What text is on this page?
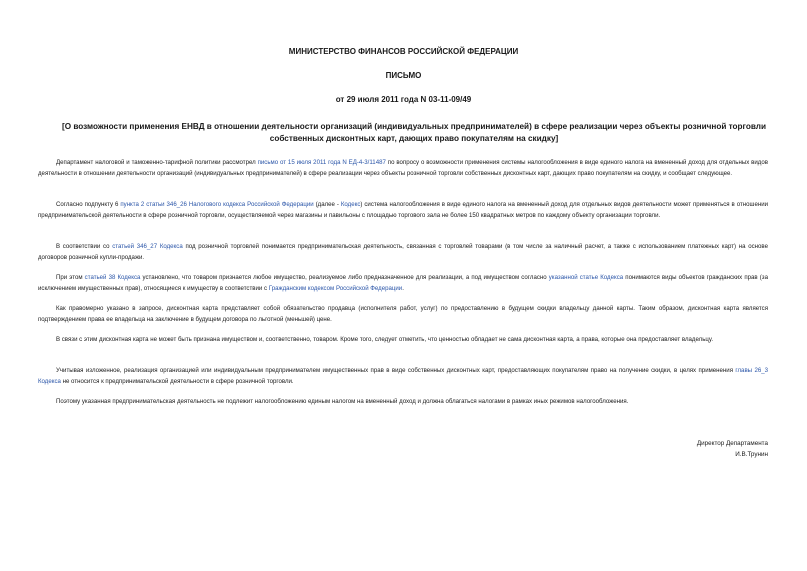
МИНИСТЕРСТВО ФИНАНСОВ РОССИЙСКОЙ ФЕДЕРАЦИИ
ПИСЬМО
от 29 июля 2011 года N 03-11-09/49
[О возможности применения ЕНВД в отношении деятельности организаций (индивидуальных предпринимателей) в сфере реализации через объекты розничной торговли собственных дисконтных карт, дающих право покупателям на скидку]

Департамент налоговой и таможенно-тарифной политики рассмотрел письмо от 15 июля 2011 года N ЕД-4-3/11487 по вопросу о возможности применения системы налогообложения в виде единого налога на вмененный доход для отдельных видов деятельности в отношении деятельности организаций (индивидуальных предпринимателей) в сфере реализации через объекты розничной торговли собственных дисконтных карт, дающих право покупателям на скидку, и сообщает следующее.

Согласно подпункту 6 пункта 2 статьи 346_26 Налогового кодекса Российской Федерации (далее - Кодекс) система налогообложения в виде единого налога на вмененный доход для отдельных видов деятельности может применяться в отношении предпринимательской деятельности в сфере розничной торговли, осуществляемой через магазины и павильоны с площадью торгового зала не более 150 квадратных метров по каждому объекту организации торговли.

В соответствии со статьей 346_27 Кодекса под розничной торговлей понимается предпринимательская деятельность, связанная с торговлей товарами (в том числе за наличный расчет, а также с использованием платежных карт) на основе договоров розничной купли-продажи.

При этом статьей 38 Кодекса установлено, что товаром признается любое имущество, реализуемое либо предназначенное для реализации, а под имуществом согласно указанной статье Кодекса понимаются виды объектов гражданских прав (за исключением имущественных прав), относящиеся к имуществу в соответствии с Гражданским кодексом Российской Федерации.

Как правомерно указано в запросе, дисконтная карта представляет собой обязательство продавца (исполнителя работ, услуг) по предоставлению в будущем скидки владельцу данной карты. Таким образом, дисконтная карта является подтверждением права ее владельца на заключение в будущем договора по льготной (меньшей) цене.

В связи с этим дисконтная карта не может быть признана имуществом и, соответственно, товаром. Кроме того, следует отметить, что ценностью обладает не сама дисконтная карта, а права, которые она предоставляет владельцу.

Учитывая изложенное, реализация организацией или индивидуальным предпринимателем имущественных прав в виде собственных дисконтных карт, предоставляющих покупателям право на получение скидки, в целях применения главы 26_3 Кодекса не относится к предпринимательской деятельности в сфере розничной торговли.

Поэтому указанная предпринимательская деятельность не подлежит налогообложению единым налогом на вмененный доход и должна облагаться налогами в рамках иных режимов налогообложения.

Директор Департамента
И.В.Трунин
